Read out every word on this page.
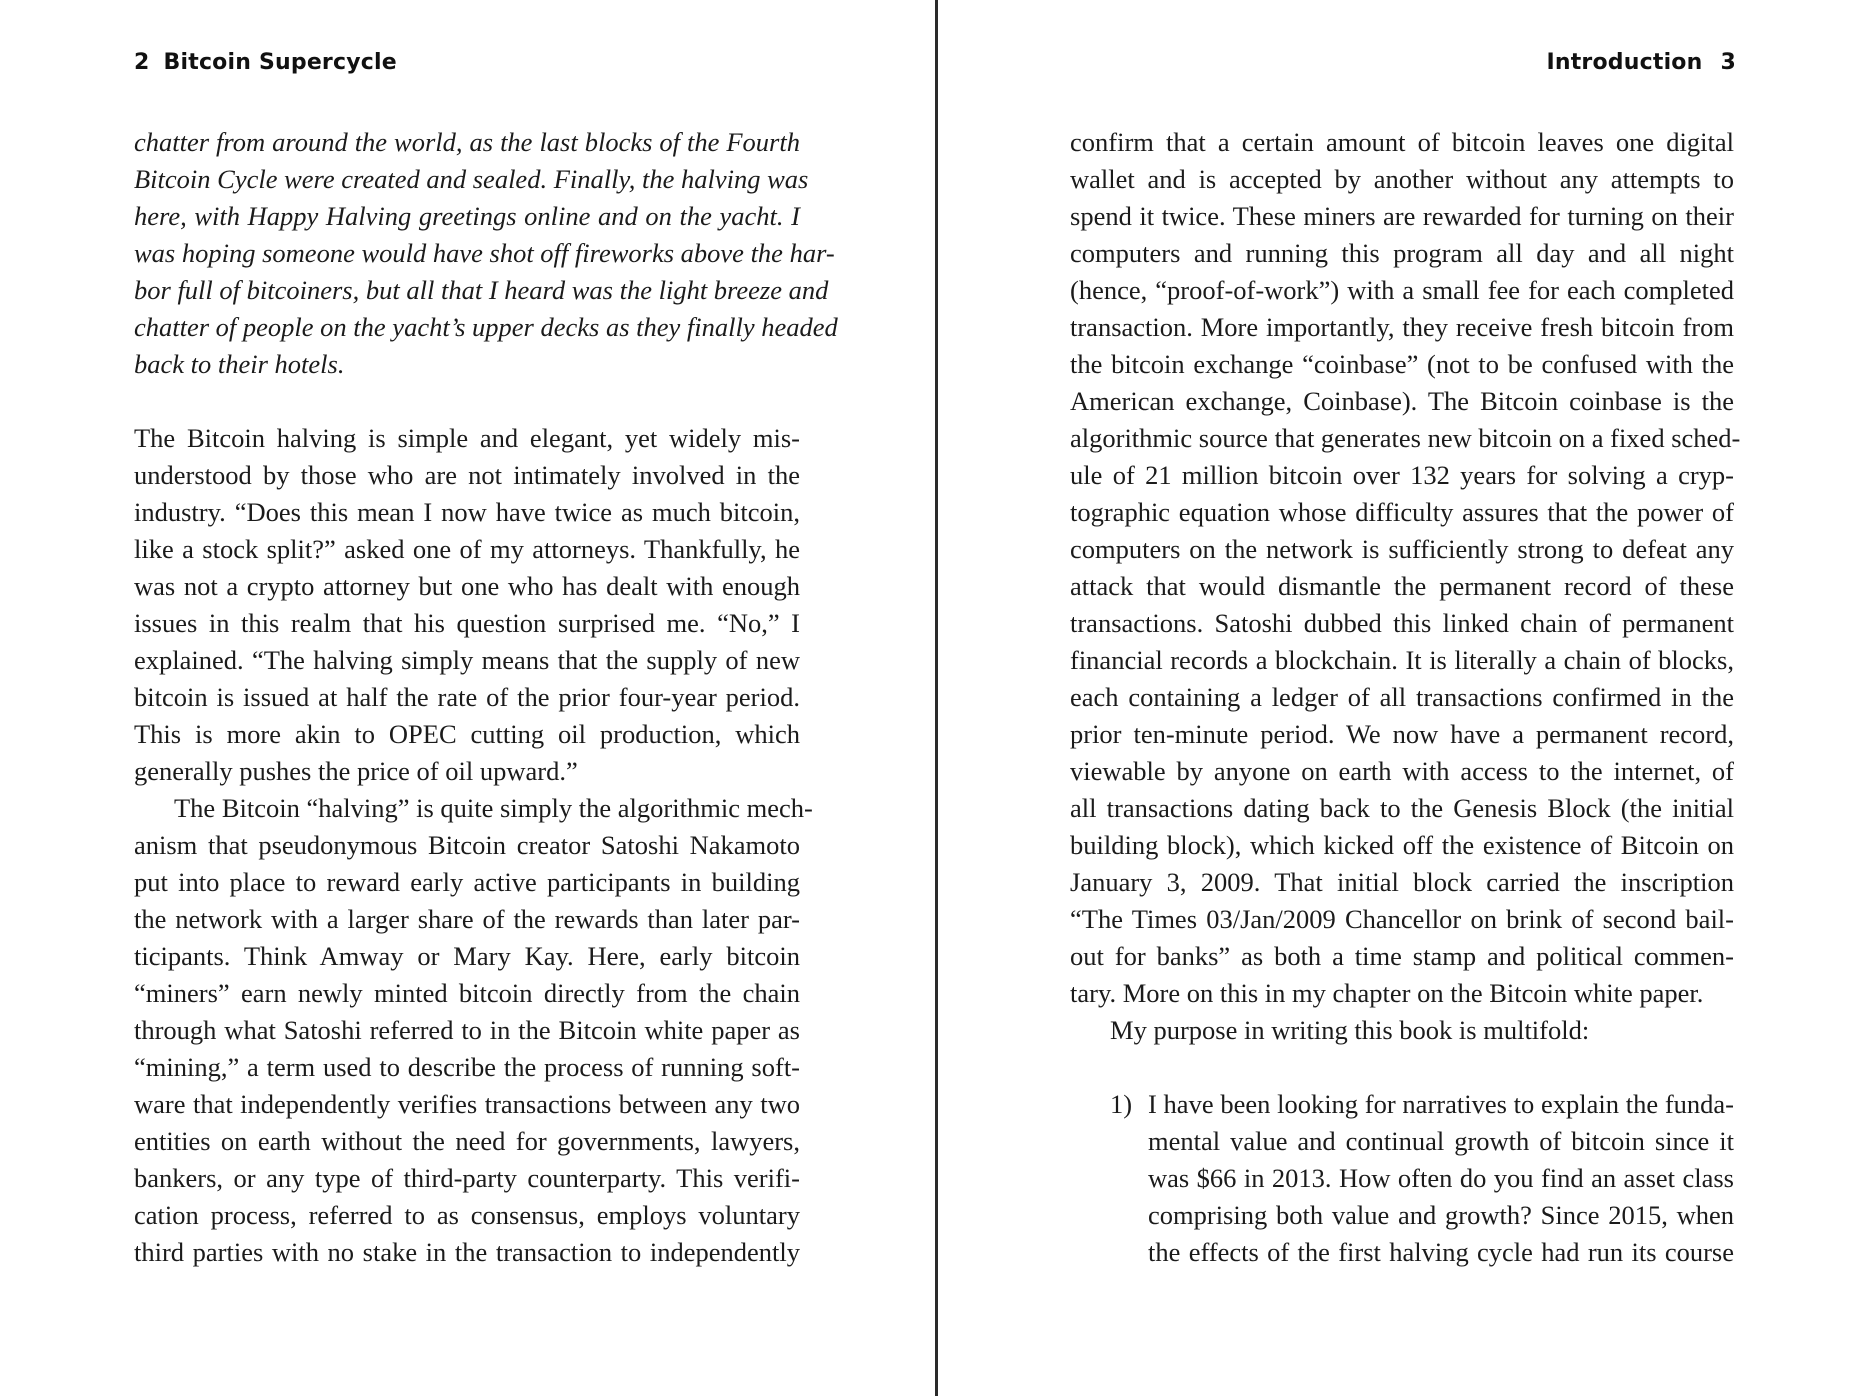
2 Bitcoin Supercycle
chatter from around the world, as the last blocks of the Fourth
Bitcoin Cycle were created and sealed. Finally, the halving was
here, with Happy Halving greetings online and on the yacht. I
was hoping someone would have shot off fireworks above the har-
bor full of bitcoiners, but all that I heard was the light breeze and
chatter of people on the yacht’s upper decks as they finally headed
back to their hotels.
The Bitcoin halving is simple and elegant, yet widely mis-
understood by those who are not intimately involved in the
industry. “Does this mean I now have twice as much bitcoin,
like a stock split?” asked one of my attorneys. Thankfully, he
was not a crypto attorney but one who has dealt with enough
issues in this realm that his question surprised me. “No,” I
explained. “The halving simply means that the supply of new
bitcoin is issued at half the rate of the prior four-year period.
This is more akin to OPEC cutting oil production, which
generally pushes the price of oil upward.”
The Bitcoin “halving” is quite simply the algorithmic mech-
anism that pseudonymous Bitcoin creator Satoshi Nakamoto
put into place to reward early active participants in building
the network with a larger share of the rewards than later par-
ticipants. Think Amway or Mary Kay. Here, early bitcoin
“miners” earn newly minted bitcoin directly from the chain
through what Satoshi referred to in the Bitcoin white paper as
“mining,” a term used to describe the process of running soft-
ware that independently verifies transactions between any two
entities on earth without the need for governments, lawyers,
bankers, or any type of third-party counterparty. This verifi-
cation process, referred to as consensus, employs voluntary
third parties with no stake in the transaction to independently
Introduction 3
confirm that a certain amount of bitcoin leaves one digital
wallet and is accepted by another without any attempts to
spend it twice. These miners are rewarded for turning on their
computers and running this program all day and all night
(hence, “proof-of-work”) with a small fee for each completed
transaction. More importantly, they receive fresh bitcoin from
the bitcoin exchange “coinbase” (not to be confused with the
American exchange, Coinbase). The Bitcoin coinbase is the
algorithmic source that generates new bitcoin on a fixed sched-
ule of 21 million bitcoin over 132 years for solving a cryp-
tographic equation whose difficulty assures that the power of
computers on the network is sufficiently strong to defeat any
attack that would dismantle the permanent record of these
transactions. Satoshi dubbed this linked chain of permanent
financial records a blockchain. It is literally a chain of blocks,
each containing a ledger of all transactions confirmed in the
prior ten-minute period. We now have a permanent record,
viewable by anyone on earth with access to the internet, of
all transactions dating back to the Genesis Block (the initial
building block), which kicked off the existence of Bitcoin on
January 3, 2009. That initial block carried the inscription
“The Times 03/Jan/2009 Chancellor on brink of second bail-
out for banks” as both a time stamp and political commen-
tary. More on this in my chapter on the Bitcoin white paper.
My purpose in writing this book is multifold:
1) I have been looking for narratives to explain the funda-
mental value and continual growth of bitcoin since it
was $66 in 2013. How often do you find an asset class
comprising both value and growth? Since 2015, when
the effects of the first halving cycle had run its course
